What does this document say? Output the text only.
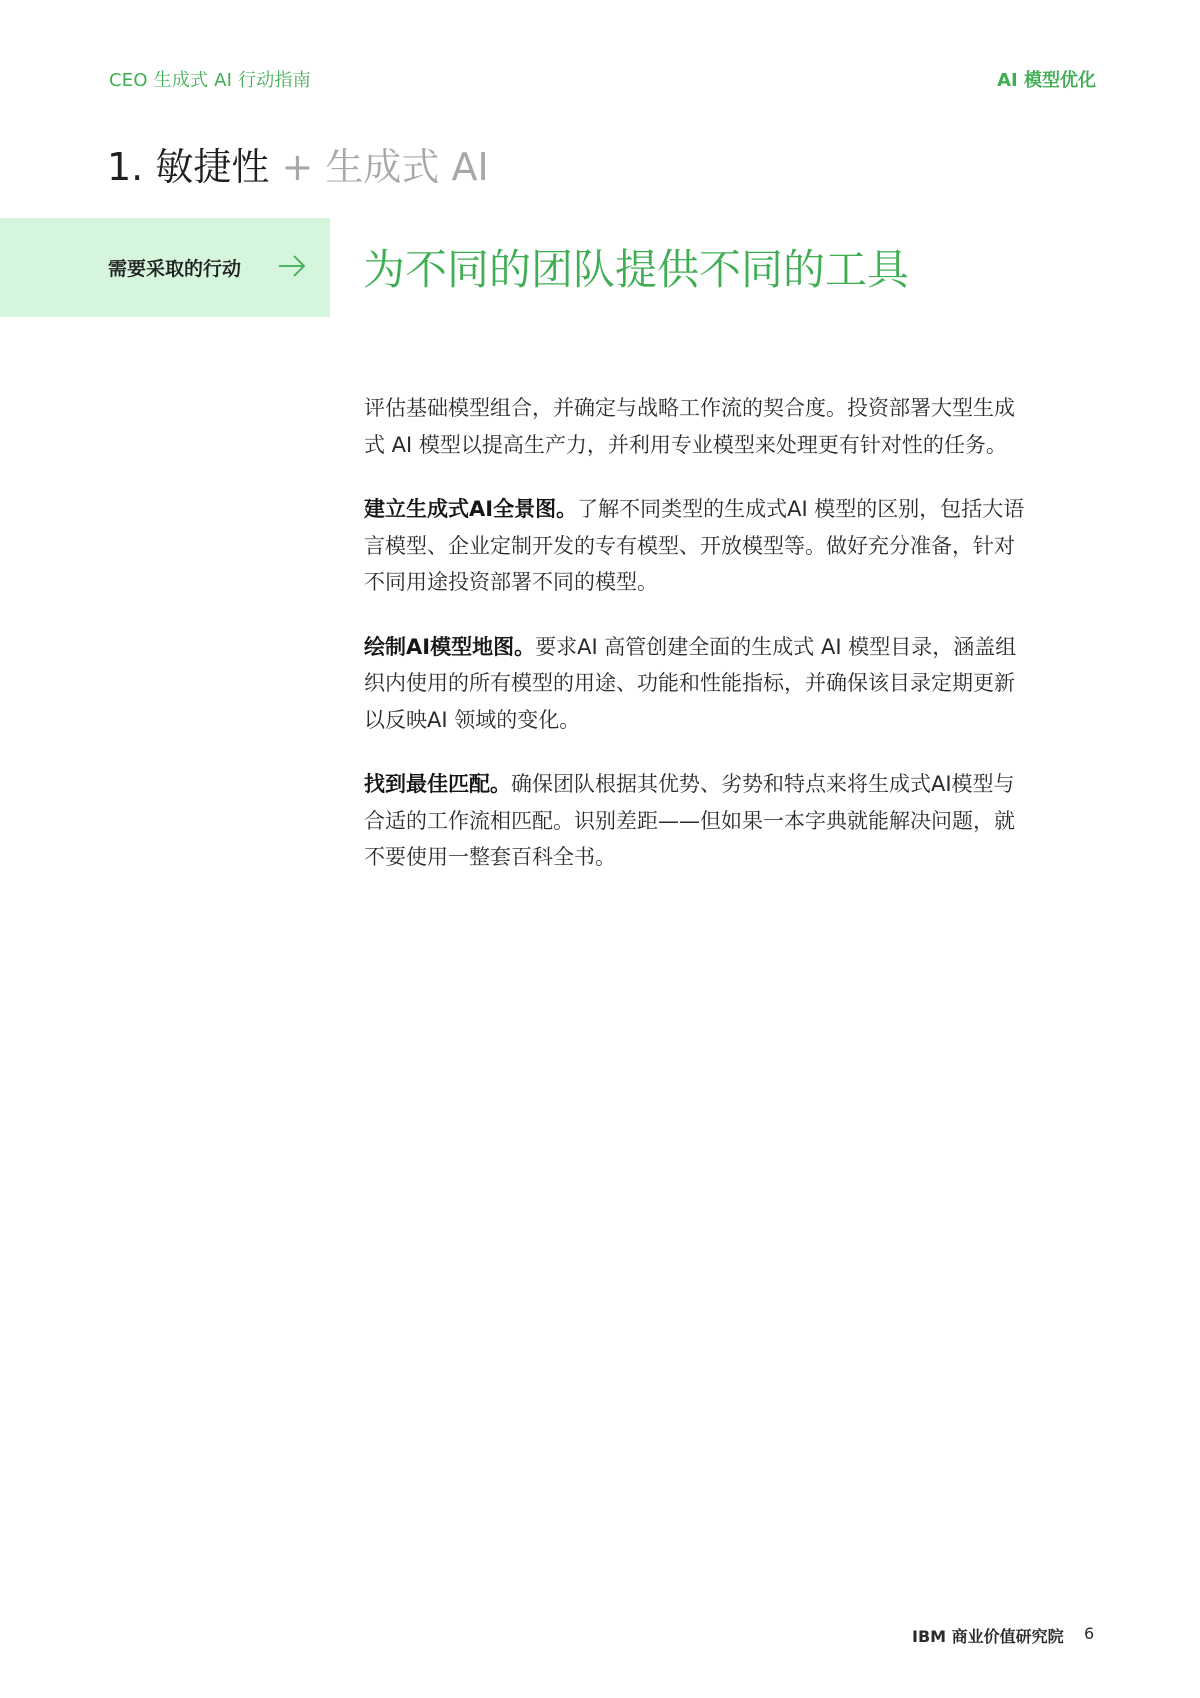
CEO 生成式 AI 行动指南	AI 模型优化
1. 敏捷性 + 生成式 AI
需要采取的行动	为不同的团队提供不同的工具

评估基础模型组合，并确定与战略工作流的契合度。投资部署大型生成式 AI 模型以提高生产力，并利用专业模型来处理更有针对性的任务。

建立生成式AI全景图。了解不同类型的生成式AI 模型的区别，包括大语言模型、企业定制开发的专有模型、开放模型等。做好充分准备，针对不同用途投资部署不同的模型。

绘制AI模型地图。要求AI 高管创建全面的生成式 AI 模型目录，涵盖组织内使用的所有模型的用途、功能和性能指标，并确保该目录定期更新以反映AI 领域的变化。

找到最佳匹配。确保团队根据其优势、劣势和特点来将生成式AI模型与合适的工作流相匹配。识别差距——但如果一本字典就能解决问题，就不要使用一整套百科全书。

IBM 商业价值研究院 6
